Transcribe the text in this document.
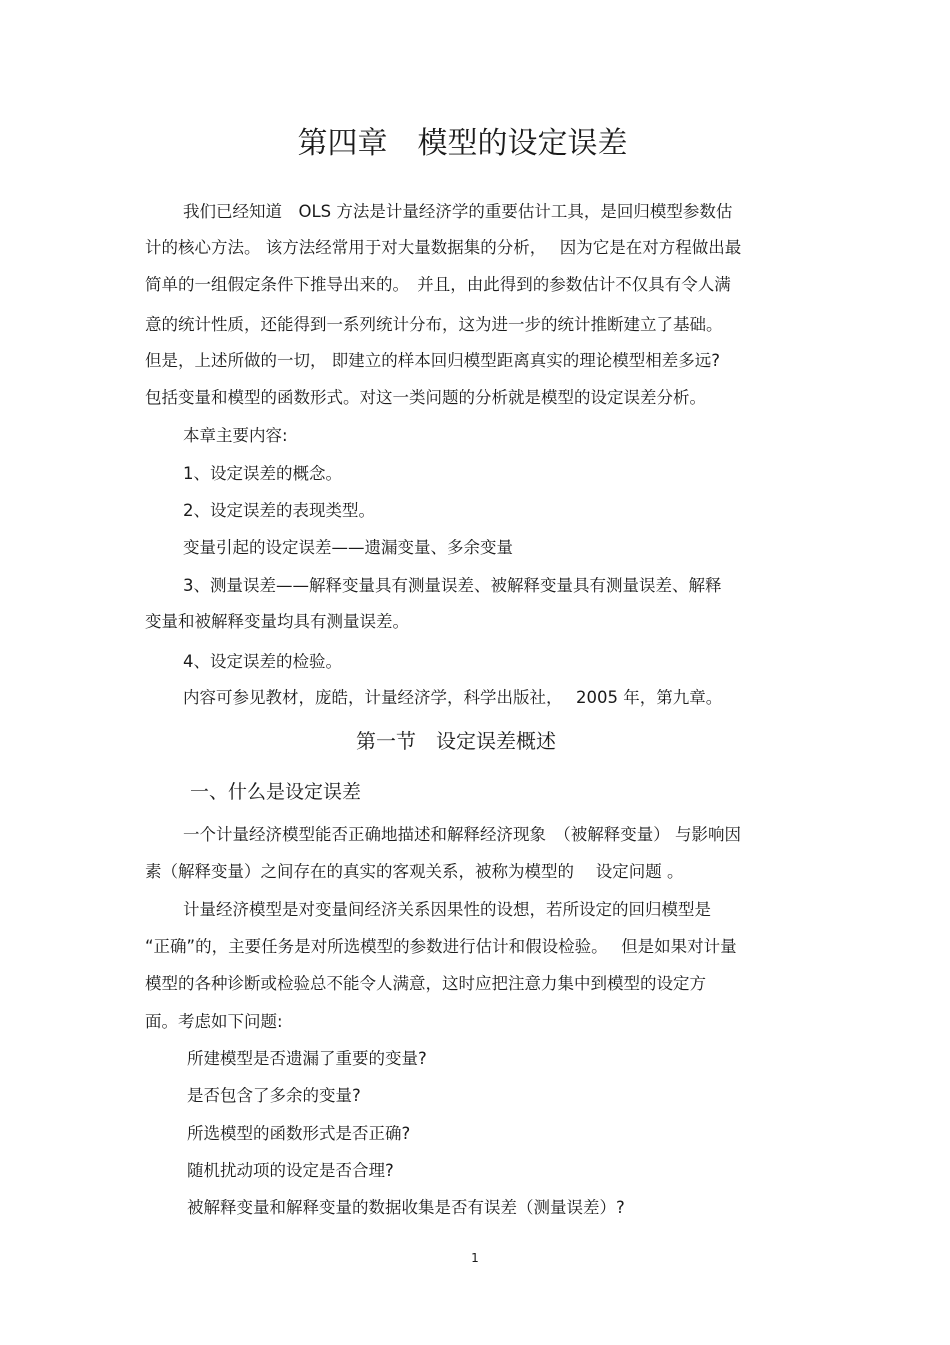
第四章　模型的设定误差
我们已经知道　OLS 方法是计量经济学的重要估计工具，是回归模型参数估
计的核心方法。 该方法经常用于对大量数据集的分析，　 因为它是在对方程做出最
简单的一组假定条件下推导出来的。　并且，由此得到的参数估计不仅具有令人满
意的统计性质，还能得到一系列统计分布，这为进一步的统计推断建立了基础。
但是，上述所做的一切， 即建立的样本回归模型距离真实的理论模型相差多远?
包括变量和模型的函数形式。对这一类问题的分析就是模型的设定误差分析。
本章主要内容:
1、设定误差的概念。
2、设定误差的表现类型。
变量引起的设定误差——遗漏变量、多余变量
3、测量误差——解释变量具有测量误差、被解释变量具有测量误差、解释
变量和被解释变量均具有测量误差。
4、设定误差的检验。
内容可参见教材，庞皓，计量经济学，科学出版社，　 2005 年，第九章。
第一节　设定误差概述
一、什么是设定误差
一个计量经济模型能否正确地描述和解释经济现象　（被解释变量） 与影响因
素（解释变量）之间存在的真实的客观关系，被称为模型的　 设定问题 。
计量经济模型是对变量间经济关系因果性的设想，若所设定的回归模型是
“正确”的，主要任务是对所选模型的参数进行估计和假设检验。　 但是如果对计量
模型的各种诊断或检验总不能令人满意，这时应把注意力集中到模型的设定方
面。考虑如下问题:
所建模型是否遗漏了重要的变量?
是否包含了多余的变量?
所选模型的函数形式是否正确?
随机扰动项的设定是否合理?
被解释变量和解释变量的数据收集是否有误差（测量误差）?
1
